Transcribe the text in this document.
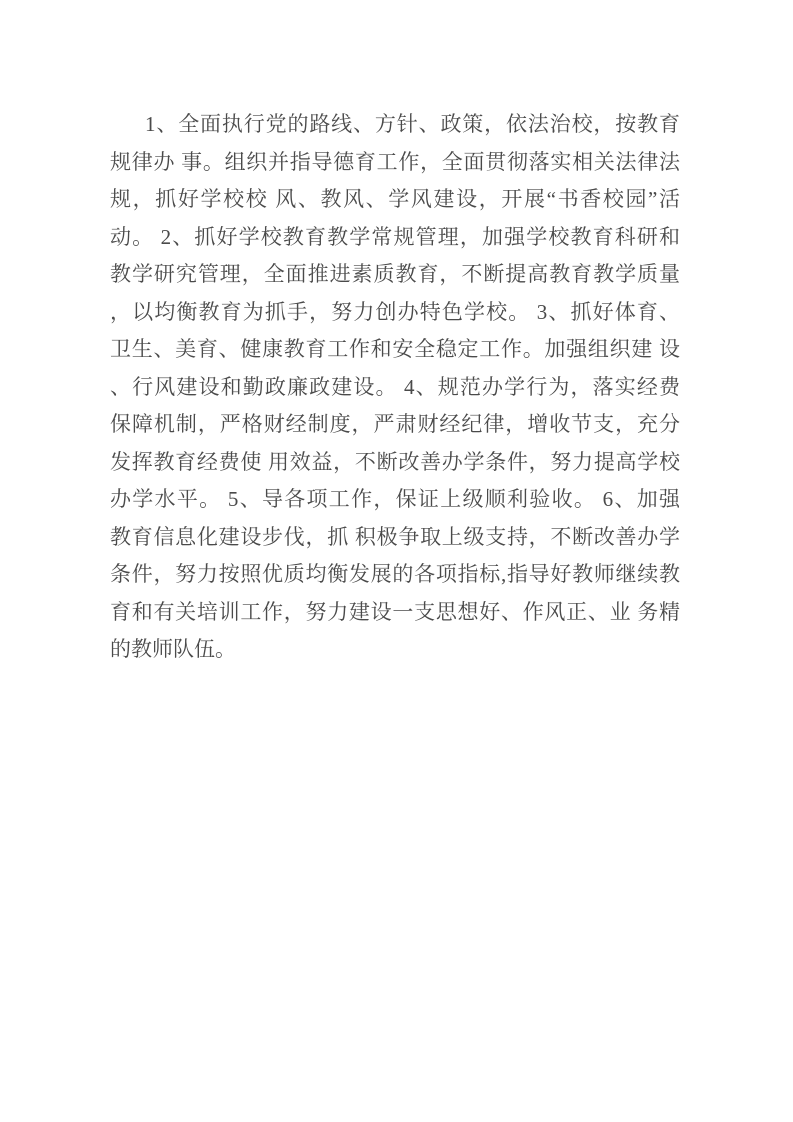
1、全面执行党的路线、方针、政策，依法治校，按教育
规律办 事。组织并指导德育工作，全面贯彻落实相关法律法
规，抓好学校校 风、教风、学风建设，开展“书香校园”活
动。 2、抓好学校教育教学常规管理，加强学校教育科研和
教学研究管理，全面推进素质教育，不断提高教育教学质量
，以均衡教育为抓手，努力创办特色学校。 3、抓好体育、
卫生、美育、健康教育工作和安全稳定工作。加强组织建 设
、行风建设和勤政廉政建设。 4、规范办学行为，落实经费
保障机制，严格财经制度，严肃财经纪律，增收节支，充分
发挥教育经费使 用效益，不断改善办学条件，努力提高学校
办学水平。 5、导各项工作，保证上级顺利验收。 6、加强
教育信息化建设步伐，抓 积极争取上级支持，不断改善办学
条件，努力按照优质均衡发展的各项指标,指导好教师继续教
育和有关培训工作，努力建设一支思想好、作风正、业 务精
的教师队伍。
